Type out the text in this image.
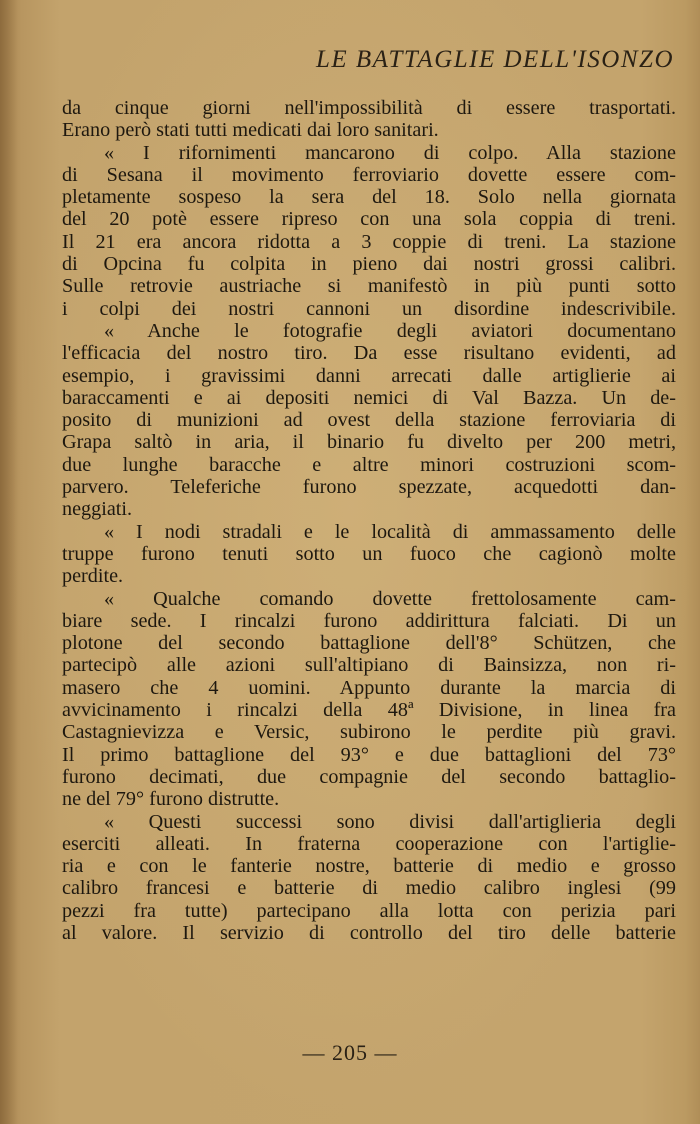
LE BATTAGLIE DELL'ISONZO
da cinque giorni nell'impossibilità di essere trasportati.
Erano però stati tutti medicati dai loro sanitari.
« I rifornimenti mancarono di colpo. Alla stazione
di Sesana il movimento ferroviario dovette essere com-
pletamente sospeso la sera del 18. Solo nella giornata
del 20 potè essere ripreso con una sola coppia di treni.
Il 21 era ancora ridotta a 3 coppie di treni. La stazione
di Opcina fu colpita in pieno dai nostri grossi calibri.
Sulle retrovie austriache si manifestò in più punti sotto
i colpi dei nostri cannoni un disordine indescrivibile.
« Anche le fotografie degli aviatori documentano
l'efficacia del nostro tiro. Da esse risultano evidenti, ad
esempio, i gravissimi danni arrecati dalle artiglierie ai
baraccamenti e ai depositi nemici di Val Bazza. Un de-
posito di munizioni ad ovest della stazione ferroviaria di
Grapa saltò in aria, il binario fu divelto per 200 metri,
due lunghe baracche e altre minori costruzioni scom-
parvero. Teleferiche furono spezzate, acquedotti dan-
neggiati.
« I nodi stradali e le località di ammassamento delle
truppe furono tenuti sotto un fuoco che cagionò molte
perdite.
« Qualche comando dovette frettolosamente cam-
biare sede. I rincalzi furono addirittura falciati. Di un
plotone del secondo battaglione dell'8° Schützen, che
partecipò alle azioni sull'altipiano di Bainsizza, non ri-
masero che 4 uomini. Appunto durante la marcia di
avvicinamento i rincalzi della 48ª Divisione, in linea fra
Castagnievizza e Versic, subirono le perdite più gravi.
Il primo battaglione del 93° e due battaglioni del 73°
furono decimati, due compagnie del secondo battaglio-
ne del 79° furono distrutte.
« Questi successi sono divisi dall'artiglieria degli
eserciti alleati. In fraterna cooperazione con l'artiglie-
ria e con le fanterie nostre, batterie di medio e grosso
calibro francesi e batterie di medio calibro inglesi (99
pezzi fra tutte) partecipano alla lotta con perizia pari
al valore. Il servizio di controllo del tiro delle batterie
— 205 —
